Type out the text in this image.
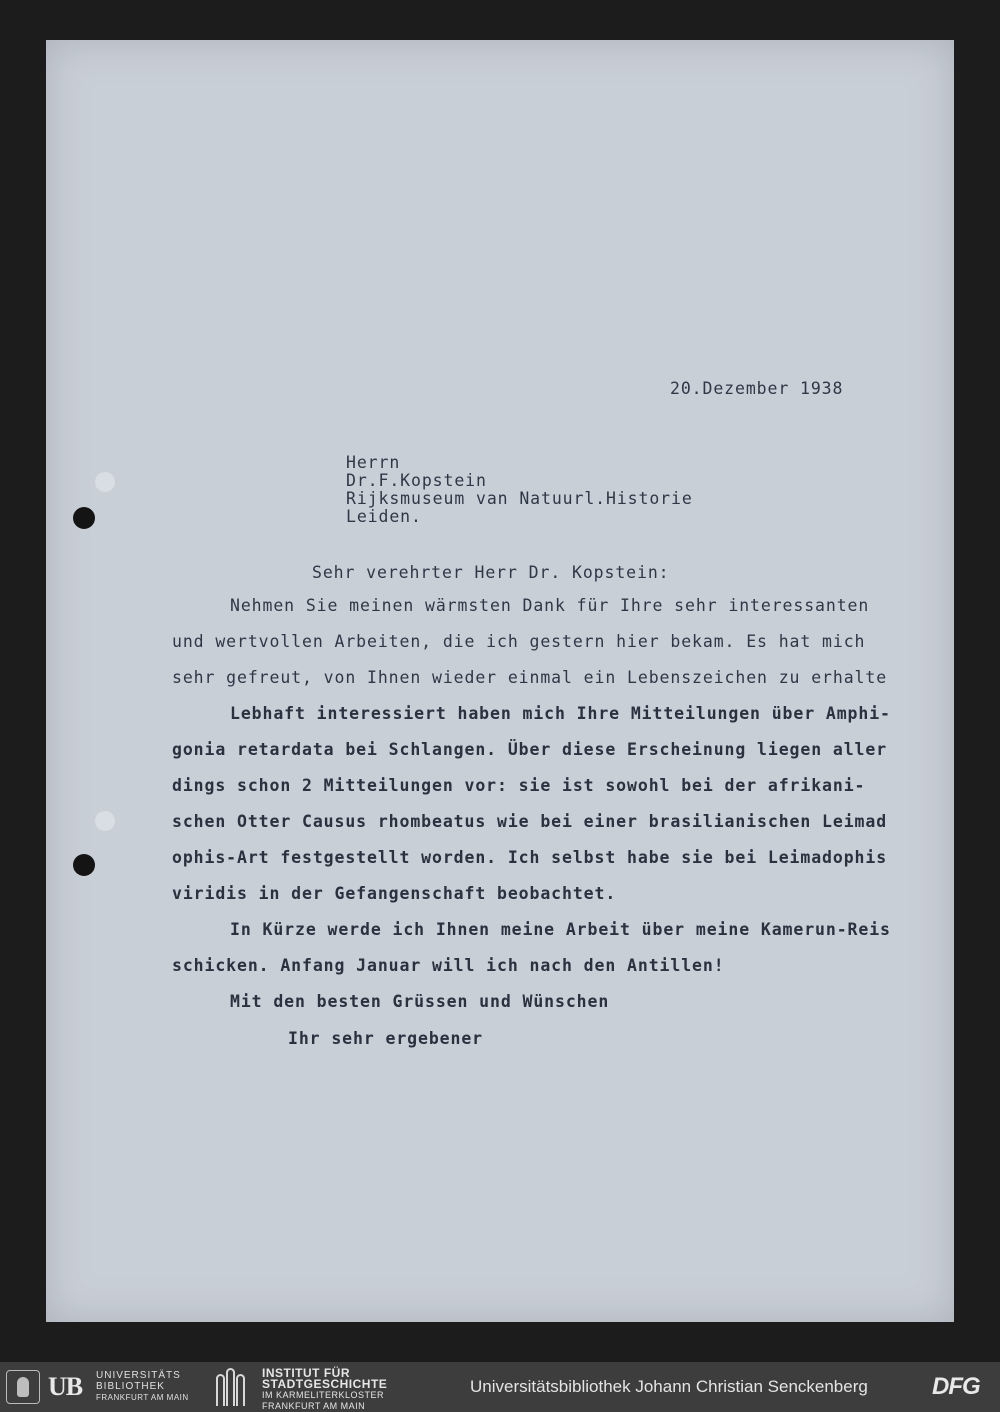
20.Dezember 1938
Herrn
Dr.F.Kopstein
Rijksmuseum van Natuurl.Historie
Leiden.
Sehr verehrter Herr Dr. Kopstein:
Nehmen Sie meinen wärmsten Dank für Ihre sehr interessanten
und wertvollen Arbeiten, die ich gestern hier bekam. Es hat mich
sehr gefreut, von Ihnen wieder einmal ein Lebenszeichen zu erhalte
Lebhaft interessiert haben mich Ihre Mitteilungen über Amphi-
gonia retardata bei Schlangen. Über diese Erscheinung liegen aller
dings schon 2 Mitteilungen vor: sie ist sowohl bei der afrikani-
schen Otter Causus rhombeatus wie bei einer brasilianischen Leimad
ophis-Art festgestellt worden. Ich selbst habe sie bei Leimadophis
viridis in der Gefangenschaft beobachtet.
In Kürze werde ich Ihnen meine Arbeit über meine Kamerun-Reis
schicken. Anfang Januar will ich nach den Antillen!
Mit den besten Grüssen und Wünschen
Ihr sehr ergebener
UB UNIVERSITÄTS
BIBLIOTHEK
FRANKFURT AM MAIN
INSTITUT FÜR
STADTGESCHICHTE
IM KARMELITERKLOSTER
FRANKFURT AM MAIN
Universitätsbibliothek Johann Christian Senckenberg	DFG
